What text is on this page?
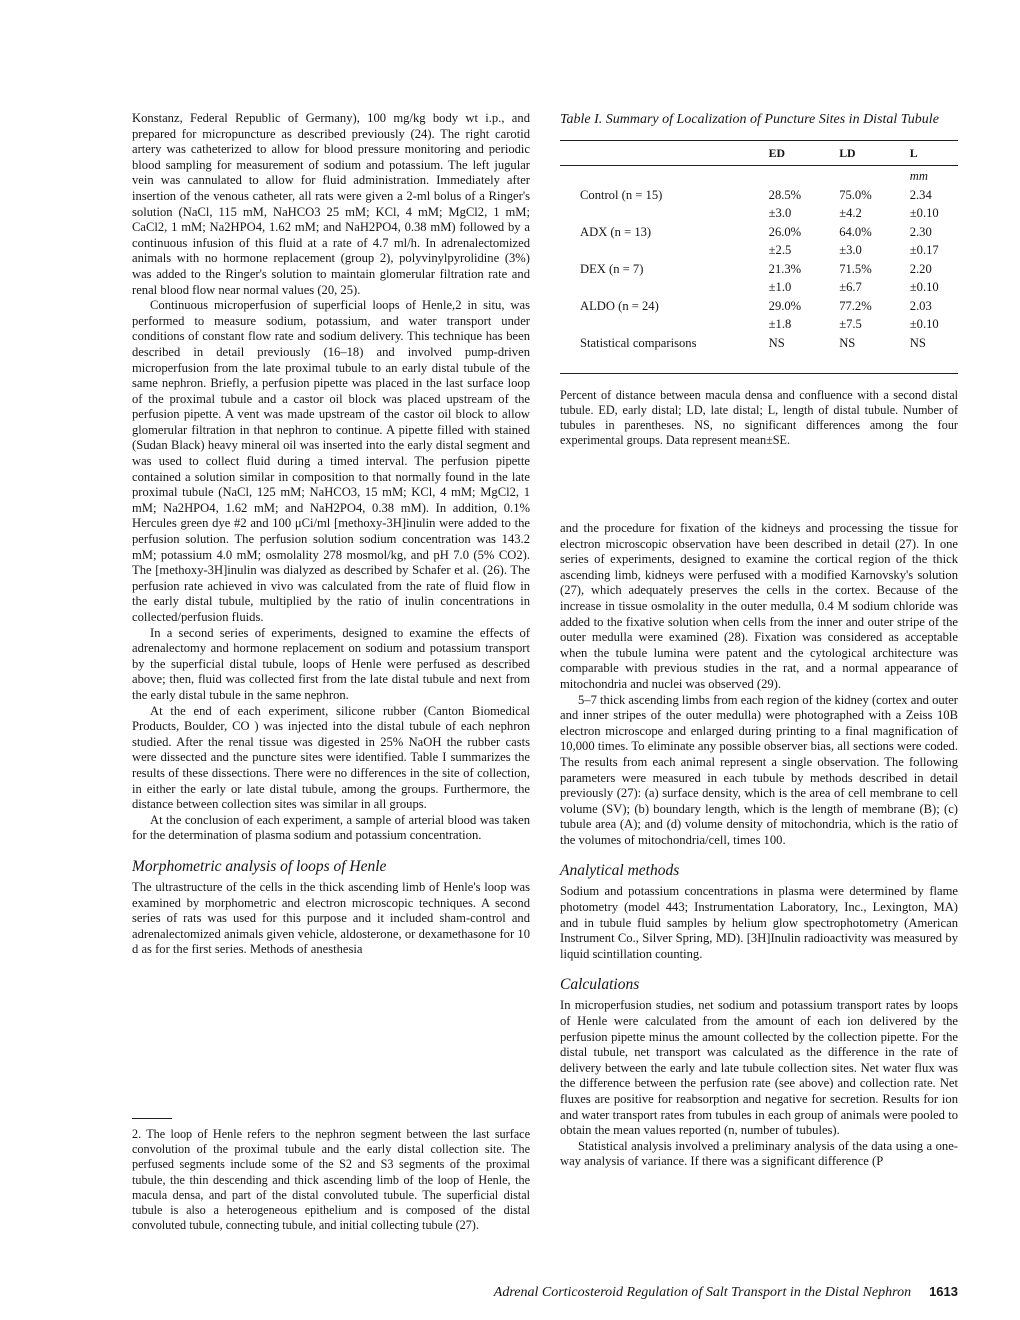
Konstanz, Federal Republic of Germany), 100 mg/kg body wt i.p., and prepared for micropuncture as described previously (24). The right carotid artery was catheterized to allow for blood pressure monitoring and periodic blood sampling for measurement of sodium and potassium. The left jugular vein was cannulated to allow for fluid administration. Immediately after insertion of the venous catheter, all rats were given a 2-ml bolus of a Ringer's solution (NaCl, 115 mM, NaHCO3 25 mM; KCl, 4 mM; MgCl2, 1 mM; CaCl2, 1 mM; Na2HPO4, 1.62 mM; and NaH2PO4, 0.38 mM) followed by a continuous infusion of this fluid at a rate of 4.7 ml/h. In adrenalectomized animals with no hormone replacement (group 2), polyvinylpyrolidine (3%) was added to the Ringer's solution to maintain glomerular filtration rate and renal blood flow near normal values (20, 25).

Continuous microperfusion of superficial loops of Henle,2 in situ, was performed to measure sodium, potassium, and water transport under conditions of constant flow rate and sodium delivery. This technique has been described in detail previously (16–18) and involved pump-driven microperfusion from the late proximal tubule to an early distal tubule of the same nephron. Briefly, a perfusion pipette was placed in the last surface loop of the proximal tubule and a castor oil block was placed upstream of the perfusion pipette. A vent was made upstream of the castor oil block to allow glomerular filtration in that nephron to continue. A pipette filled with stained (Sudan Black) heavy mineral oil was inserted into the early distal segment and was used to collect fluid during a timed interval. The perfusion pipette contained a solution similar in composition to that normally found in the late proximal tubule (NaCl, 125 mM; NaHCO3, 15 mM; KCl, 4 mM; MgCl2, 1 mM; Na2HPO4, 1.62 mM; and NaH2PO4, 0.38 mM). In addition, 0.1% Hercules green dye #2 and 100 μCi/ml [methoxy-3H]inulin were added to the perfusion solution. The perfusion solution sodium concentration was 143.2 mM; potassium 4.0 mM; osmolality 278 mosmol/kg, and pH 7.0 (5% CO2). The [methoxy-3H]inulin was dialyzed as described by Schafer et al. (26). The perfusion rate achieved in vivo was calculated from the rate of fluid flow in the early distal tubule, multiplied by the ratio of inulin concentrations in collected/perfusion fluids.

In a second series of experiments, designed to examine the effects of adrenalectomy and hormone replacement on sodium and potassium transport by the superficial distal tubule, loops of Henle were perfused as described above; then, fluid was collected first from the late distal tubule and next from the early distal tubule in the same nephron.

At the end of each experiment, silicone rubber (Canton Biomedical Products, Boulder, CO ) was injected into the distal tubule of each nephron studied. After the renal tissue was digested in 25% NaOH the rubber casts were dissected and the puncture sites were identified. Table I summarizes the results of these dissections. There were no differences in the site of collection, in either the early or late distal tubule, among the groups. Furthermore, the distance between collection sites was similar in all groups.

At the conclusion of each experiment, a sample of arterial blood was taken for the determination of plasma sodium and potassium concentration.

Morphometric analysis of loops of Henle

The ultrastructure of the cells in the thick ascending limb of Henle's loop was examined by morphometric and electron microscopic techniques. A second series of rats was used for this purpose and it included sham-control and adrenalectomized animals given vehicle, aldosterone, or dexamethasone for 10 d as for the first series. Methods of anesthesia

2. The loop of Henle refers to the nephron segment between the last surface convolution of the proximal tubule and the early distal collection site. The perfused segments include some of the S2 and S3 segments of the proximal tubule, the thin descending and thick ascending limb of the loop of Henle, the macula densa, and part of the distal convoluted tubule. The superficial distal tubule is also a heterogeneous epithelium and is composed of the distal convoluted tubule, connecting tubule, and initial collecting tubule (27).
Table I. Summary of Localization of Puncture Sites in Distal Tubule
	ED	LD	L
			mm
Control (n = 15)	28.5%	75.0%	2.34
	±3.0	±4.2	±0.10
ADX (n = 13)	26.0%	64.0%	2.30
	±2.5	±3.0	±0.17
DEX (n = 7)	21.3%	71.5%	2.20
	±1.0	±6.7	±0.10
ALDO (n = 24)	29.0%	77.2%	2.03
	±1.8	±7.5	±0.10
Statistical comparisons	NS	NS	NS
Percent of distance between macula densa and confluence with a second distal tubule. ED, early distal; LD, late distal; L, length of distal tubule. Number of tubules in parentheses. NS, no significant differences among the four experimental groups. Data represent mean±SE.

and the procedure for fixation of the kidneys and processing the tissue for electron microscopic observation have been described in detail (27). In one series of experiments, designed to examine the cortical region of the thick ascending limb, kidneys were perfused with a modified Karnovsky's solution (27), which adequately preserves the cells in the cortex. Because of the increase in tissue osmolality in the outer medulla, 0.4 M sodium chloride was added to the fixative solution when cells from the inner and outer stripe of the outer medulla were examined (28). Fixation was considered as acceptable when the tubule lumina were patent and the cytological architecture was comparable with previous studies in the rat, and a normal appearance of mitochondria and nuclei was observed (29).

5–7 thick ascending limbs from each region of the kidney (cortex and outer and inner stripes of the outer medulla) were photographed with a Zeiss 10B electron microscope and enlarged during printing to a final magnification of 10,000 times. To eliminate any possible observer bias, all sections were coded. The results from each animal represent a single observation. The following parameters were measured in each tubule by methods described in detail previously (27): (a) surface density, which is the area of cell membrane to cell volume (SV); (b) boundary length, which is the length of membrane (B); (c) tubule area (A); and (d) volume density of mitochondria, which is the ratio of the volumes of mitochondria/cell, times 100.

Analytical methods

Sodium and potassium concentrations in plasma were determined by flame photometry (model 443; Instrumentation Laboratory, Inc., Lexington, MA) and in tubule fluid samples by helium glow spectrophotometry (American Instrument Co., Silver Spring, MD). [3H]Inulin radioactivity was measured by liquid scintillation counting.

Calculations

In microperfusion studies, net sodium and potassium transport rates by loops of Henle were calculated from the amount of each ion delivered by the perfusion pipette minus the amount collected by the collection pipette. For the distal tubule, net transport was calculated as the difference in the rate of delivery between the early and late tubule collection sites. Net water flux was the difference between the perfusion rate (see above) and collection rate. Net fluxes are positive for reabsorption and negative for secretion. Results for ion and water transport rates from tubules in each group of animals were pooled to obtain the mean values reported (n, number of tubules).

Statistical analysis involved a preliminary analysis of the data using a one-way analysis of variance. If there was a significant difference (P

Adrenal Corticosteroid Regulation of Salt Transport in the Distal Nephron 1613
